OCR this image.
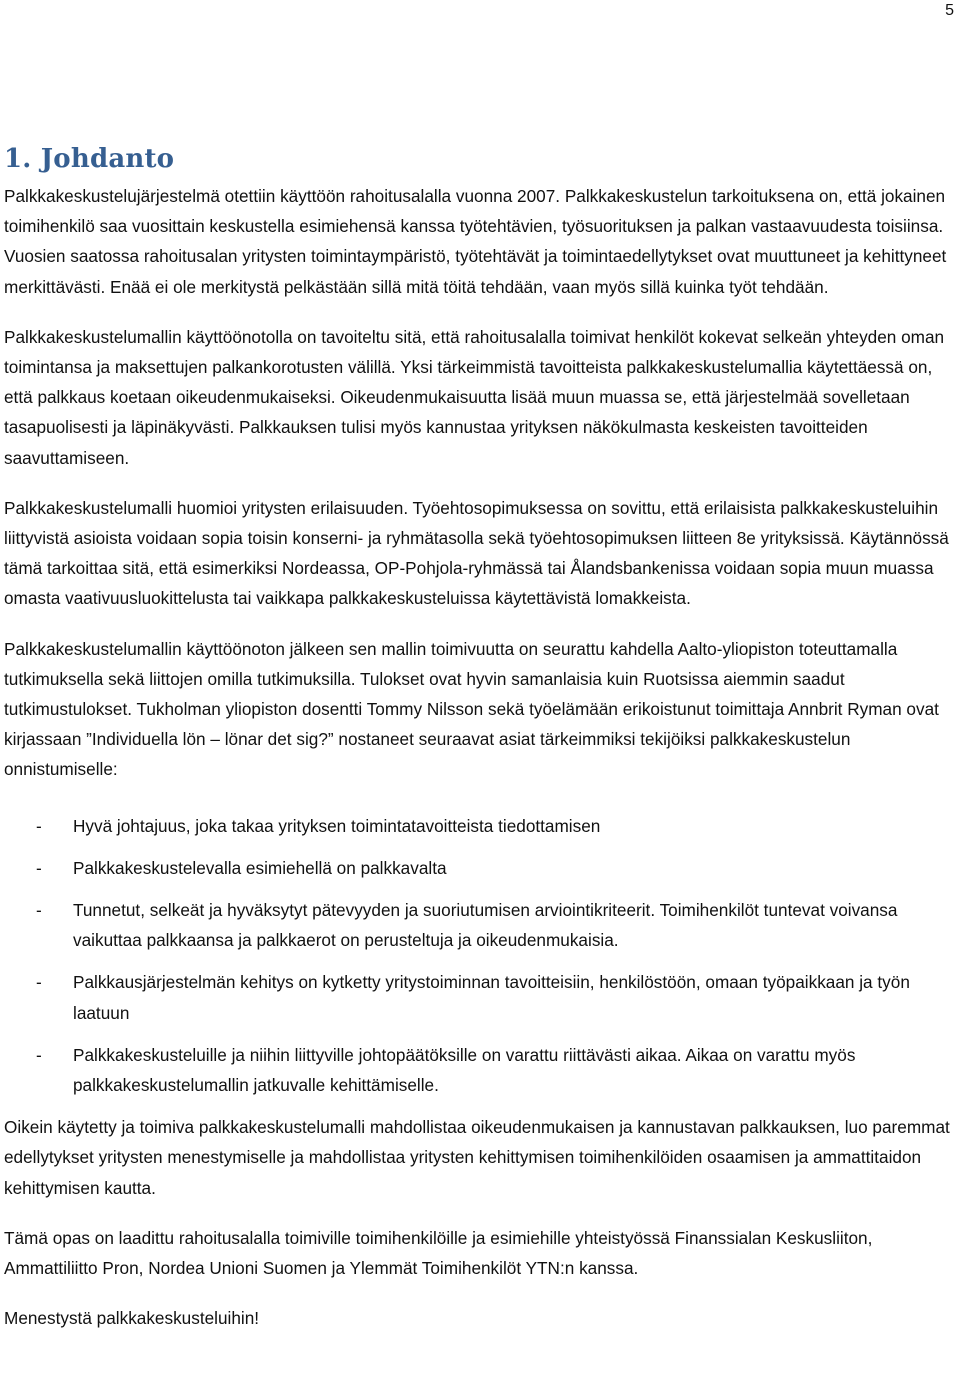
5
1. Johdanto

Palkkakeskustelujärjestelmä otettiin käyttöön rahoitusalalla vuonna 2007. Palkkakeskustelun tarkoituksena on, että jokainen toimihenkilö saa vuosittain keskustella esimiehensä kanssa työtehtävien, työsuorituksen ja palkan vastaavuudesta toisiinsa. Vuosien saatossa rahoitusalan yritysten toimintaympäristö, työtehtävät ja toimintaedellytykset ovat muuttuneet ja kehittyneet merkittävästi. Enää ei ole merkitystä pelkästään sillä mitä töitä tehdään, vaan myös sillä kuinka työt tehdään.

Palkkakeskustelumallin käyttöönotolla on tavoiteltu sitä, että rahoitusalalla toimivat henkilöt kokevat selkeän yhteyden oman toimintansa ja maksettujen palkankorotusten välillä. Yksi tärkeimmistä tavoitteista palkkakeskustelumallia käytettäessä on, että palkkaus koetaan oikeudenmukaiseksi. Oikeudenmukaisuutta lisää muun muassa se, että järjestelmää sovelletaan tasapuolisesti ja läpinäkyvästi. Palkkauksen tulisi myös kannustaa yrityksen näkökulmasta keskeisten tavoitteiden saavuttamiseen.

Palkkakeskustelumalli huomioi yritysten erilaisuuden. Työehtosopimuksessa on sovittu, että erilaisista palkkakeskusteluihin liittyvistä asioista voidaan sopia toisin konserni- ja ryhmätasolla sekä työehtosopimuksen liitteen 8e yrityksissä. Käytännössä tämä tarkoittaa sitä, että esimerkiksi Nordeassa, OP-Pohjola-ryhmässä tai Ålandsbankenissa voidaan sopia muun muassa omasta vaativuusluokittelusta tai vaikkapa palkkakeskusteluissa käytettävistä lomakkeista.

Palkkakeskustelumallin käyttöönoton jälkeen sen mallin toimivuutta on seurattu kahdella Aalto-yliopiston toteuttamalla tutkimuksella sekä liittojen omilla tutkimuksilla. Tulokset ovat hyvin samanlaisia kuin Ruotsissa aiemmin saadut tutkimustulokset. Tukholman yliopiston dosentti Tommy Nilsson sekä työelämään erikoistunut toimittaja Annbrit Ryman ovat kirjassaan ”Individuella lön – lönar det sig?” nostaneet seuraavat asiat tärkeimmiksi tekijöiksi palkkakeskustelun onnistumiselle:

- Hyvä johtajuus, joka takaa yrityksen toimintatavoitteista tiedottamisen
- Palkkakeskustelevalla esimiehellä on palkkavalta
- Tunnetut, selkeät ja hyväksytyt pätevyyden ja suoriutumisen arviointikriteerit. Toimihenkilöt tuntevat voivansa vaikuttaa palkkaansa ja palkkaerot on perusteltuja ja oikeudenmukaisia.
- Palkkausjärjestelmän kehitys on kytketty yritystoiminnan tavoitteisiin, henkilöstöön, omaan työpaikkaan ja työn laatuun
- Palkkakeskusteluille ja niihin liittyville johtopäätöksille on varattu riittävästi aikaa. Aikaa on varattu myös palkkakeskustelumallin jatkuvalle kehittämiselle.

Oikein käytetty ja toimiva palkkakeskustelumalli mahdollistaa oikeudenmukaisen ja kannustavan palkkauksen, luo paremmat edellytykset yritysten menestymiselle ja mahdollistaa yritysten kehittymisen toimihenkilöiden osaamisen ja ammattitaidon kehittymisen kautta.

Tämä opas on laadittu rahoitusalalla toimiville toimihenkilöille ja esimiehille yhteistyössä Finanssialan Keskusliiton, Ammattiliitto Pron, Nordea Unioni Suomen ja Ylemmät Toimihenkilöt YTN:n kanssa.

Menestystä palkkakeskusteluihin!
